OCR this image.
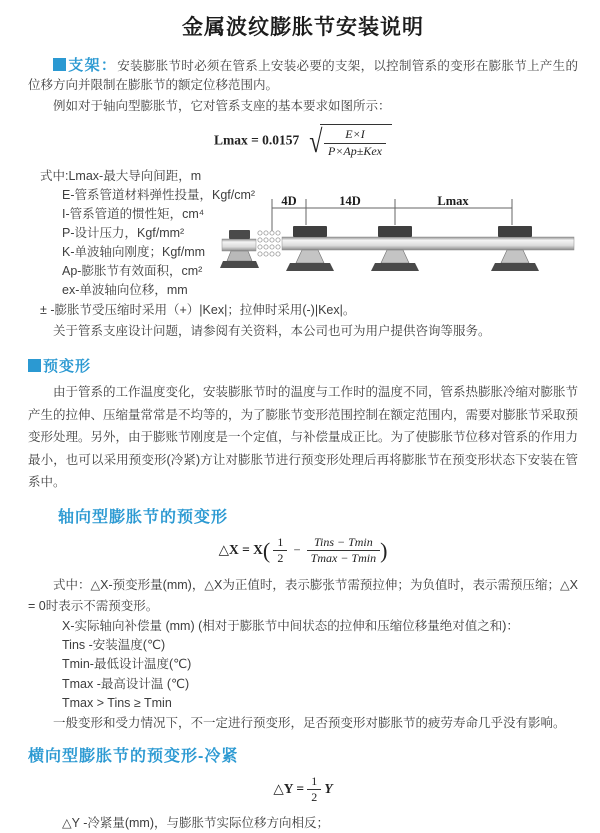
金属波纹膨胀节安装说明

支架：安装膨胀节时必须在管系上安装必要的支架，以控制管系的变形在膨胀节上产生的位移方向并限制在膨胀节的额定位移范围内。

例如对于轴向型膨胀节，它对管系支座的基本要求如图所示：

Lmax = 0.0157 √ $\frac{E\times I}{\text{P×Ap±Kex}}$

式中:Lmax-最大导向间距，m

E-管系管道材料弹性投量，Kgf/cm²

I-管系管道的惯性矩，cm⁴

P-设计压力，Kgf/mm²

K-单波轴向刚度；Kgf/mm

Ap-膨胀节有效面积，cm²

ex-单波轴向位移，mm

4D	14D	Lmax

± -膨胀节受压缩时采用（+）|Kex|；拉伸时采用(-)|Kex|。

关于管系支座设计问题，请参阅有关资料，本公司也可为用户提供咨询等服务。

预变形

由于管系的工作温度变化，安装膨胀节时的温度与工作时的温度不同，管系热膨胀冷缩对膨胀节产生的拉伸、压缩量常常是不均等的，为了膨胀节变形范围控制在额定范围内，需要对膨胀节采取预变形处理。另外，由于膨账节刚度是一个定值，与补偿量成正比。为了使膨胀节位移对管系的作用力最小，也可以采用预变形(冷紧)方让对膨胀节进行预变形处理后再将膨胀节在预变形状态下安装在管系中。

轴向型膨胀节的预变形
△X = $X( \frac{1}{2} - \frac{\text{Tins − Tmin}}{Tmax - Tmin}$ )

式中：△X-预变形量(mm)，△X为正值时，表示膨张节需预拉伸；为负值时，表示需预压缩；△X = 0时表示不需预变形。

X-实际轴向补偿量 (mm) (相对于膨胀节中间状态的拉伸和压缩位移量绝对值之和)：

Tins -安装温度(℃)

Tmin-最低设计温度(℃)

Tmax -最高设计温 (℃)

Tmax > Tins ≥ Tmin

一般变形和受力情况下，不一定进行预变形，足否预变形对膨胀节的疲劳寿命几乎没有影响。

横向型膨胀节的预变形-冷紧
△Y = $\frac{1}{2}$ Y

△Y -冷紧量(mm)，与膨胀节实际位移方向相反；
